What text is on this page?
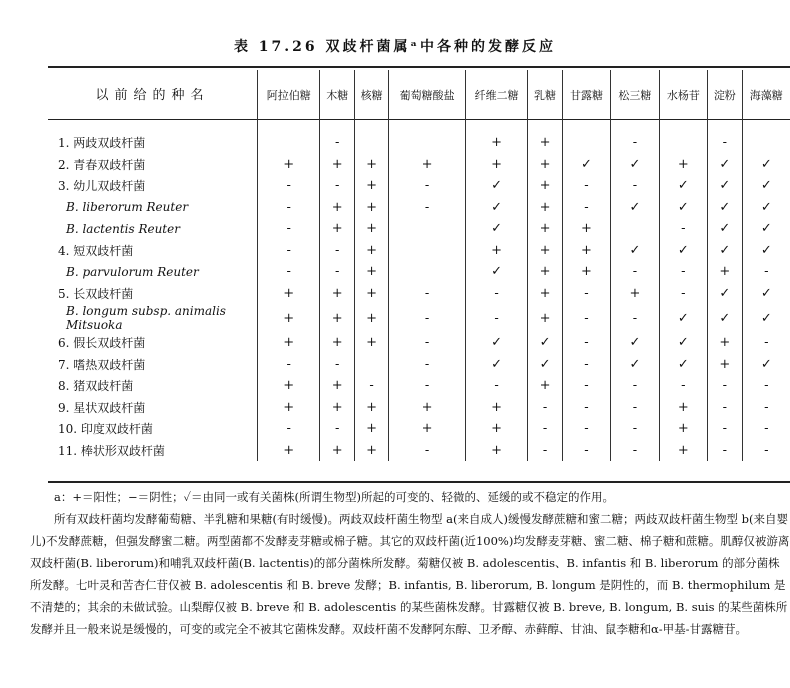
表 17.26 双歧杆菌属ᵃ中各种的发酵反应
以前给的种名	阿拉伯糖	木糖	核糖	葡萄糖酸盐	纤维二糖	乳糖	甘露糖	松三糖	水杨苷	淀粉	海藻糖
1. 两歧双歧杆菌		-			+	+		-		-	
2. 青春双歧杆菌	+	+	+	+	+	+	✓	✓	+	✓	✓
3. 幼儿双歧杆菌	-	-	+	-	✓	+	-	-	✓	✓	✓
B. liberorum Reuter	-	+	+	-	✓	+	-	✓	✓	✓	✓
B. lactentis Reuter	-	+	+		✓	+	+		-	✓	✓
4. 短双歧杆菌	-	-	+		+	+	+	✓	✓	✓	✓
B. parvulorum Reuter	-	-	+		✓	+	+	-	-	+	-
5. 长双歧杆菌	+	+	+	-	-	+	-	+	-	✓	✓
B. longum subsp. animalis Mitsuoka	+	+	+	-	-	+	-	-	✓	✓	✓
6. 假长双歧杆菌	+	+	+	-	✓	✓	-	✓	✓	+	-
7. 嗜热双歧杆菌	-	-		-	✓	✓	-	✓	✓	+	✓
8. 猪双歧杆菌	+	+	-	-	-	+	-	-	-	-	-
9. 星状双歧杆菌	+	+	+	+	+	-	-	-	+	-	-
10. 印度双歧杆菌	-	-	+	+	+	-	-	-	+	-	-
11. 棒状形双歧杆菌	+	+	+	-	+	-	-	-	+	-	-

a：+＝阳性；−＝阴性；✓＝由同一或有关菌株(所谓生物型)所起的可变的、轻微的、延缓的或不稳定的作用。

所有双歧杆菌均发酵葡萄糖、半乳糖和果糖(有时缓慢)。两歧双歧杆菌生物型 a(来自成人)缓慢发酵蔗糖和蜜二糖；两歧双歧杆菌生物型 b(来自婴儿)不发酵蔗糖，但强发酵蜜二糖。两型菌都不发酵麦芽糖或棉子糖。其它的双歧杆菌(近100%)均发酵麦芽糖、蜜二糖、棉子糖和蔗糖。肌醇仅被游离双歧杆菌(B. liberorum)和哺乳双歧杆菌(B. lactentis)的部分菌株所发酵。菊糖仅被 B. adolescentis、B. infantis 和 B. liberorum 的部分菌株所发酵。七叶灵和苦杏仁苷仅被 B. adolescentis 和 B. breve 发酵；B. infantis, B. liberorum, B. longum 是阴性的，而 B. thermophilum 是不清楚的；其余的未做试验。山梨醇仅被 B. breve 和 B. adolescentis 的某些菌株发酵。甘露糖仅被 B. breve, B. longum, B. suis 的某些菌株所发酵并且一般来说是缓慢的，可变的或完全不被其它菌株发酵。双歧杆菌不发酵阿东醇、卫矛醇、赤藓醇、甘油、鼠李糖和α-甲基-甘露糖苷。
